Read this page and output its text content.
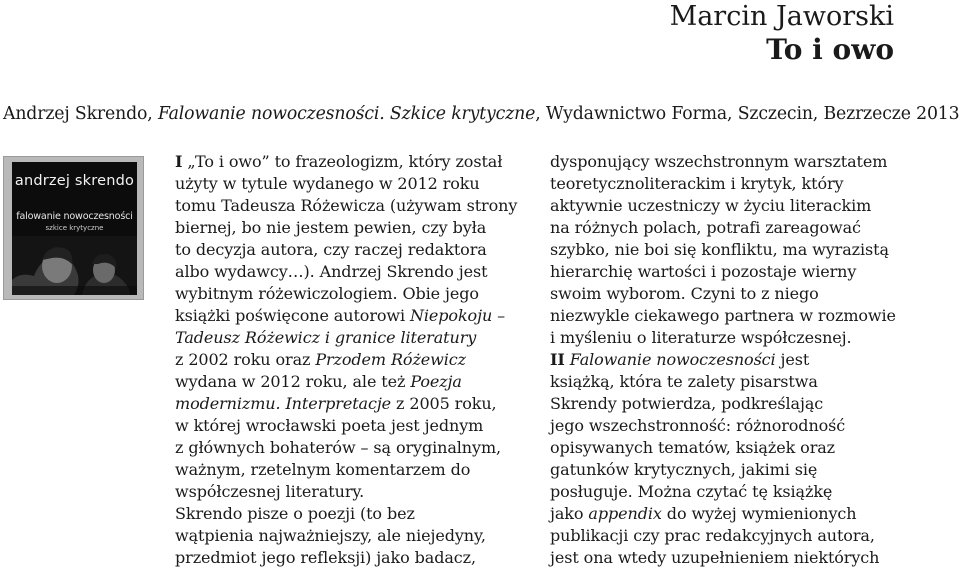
Marcin Jaworski
To i owo
Andrzej Skrendo, Falowanie nowoczesności. Szkice krytyczne, Wydawnictwo Forma, Szczecin, Bezrzecze 2013
andrzej skrendo
falowanie nowoczesności
szkice krytyczne
I „To i owo” to frazeologizm, który został
użyty w tytule wydanego w 2012 roku
tomu Tadeusza Różewicza (używam strony
biernej, bo nie jestem pewien, czy była
to decyzja autora, czy raczej redaktora
albo wydawcy…). Andrzej Skrendo jest
wybitnym różewiczologiem. Obie jego
książki poświęcone autorowi Niepokoju –
Tadeusz Różewicz i granice literatury
z 2002 roku oraz Przodem Różewicz
wydana w 2012 roku, ale też Poezja
modernizmu. Interpretacje z 2005 roku,
w której wrocławski poeta jest jednym
z głównych bohaterów – są oryginalnym,
ważnym, rzetelnym komentarzem do
współczesnej literatury.
Skrendo pisze o poezji (to bez
wątpienia najważniejszy, ale niejedyny,
przedmiot jego refleksji) jako badacz,
dysponujący wszechstronnym warsztatem
teoretycznoliterackim i krytyk, który
aktywnie uczestniczy w życiu literackim
na różnych polach, potrafi zareagować
szybko, nie boi się konfliktu, ma wyrazistą
hierarchię wartości i pozostaje wierny
swoim wyborom. Czyni to z niego
niezwykle ciekawego partnera w rozmowie
i myśleniu o literaturze współczesnej.
II Falowanie nowoczesności jest
książką, która te zalety pisarstwa
Skrendy potwierdza, podkreślając
jego wszechstronność: różnorodność
opisywanych tematów, książek oraz
gatunków krytycznych, jakimi się
posługuje. Można czytać tę książkę
jako appendix do wyżej wymienionych
publikacji czy prac redakcyjnych autora,
jest ona wtedy uzupełnieniem niektórych
